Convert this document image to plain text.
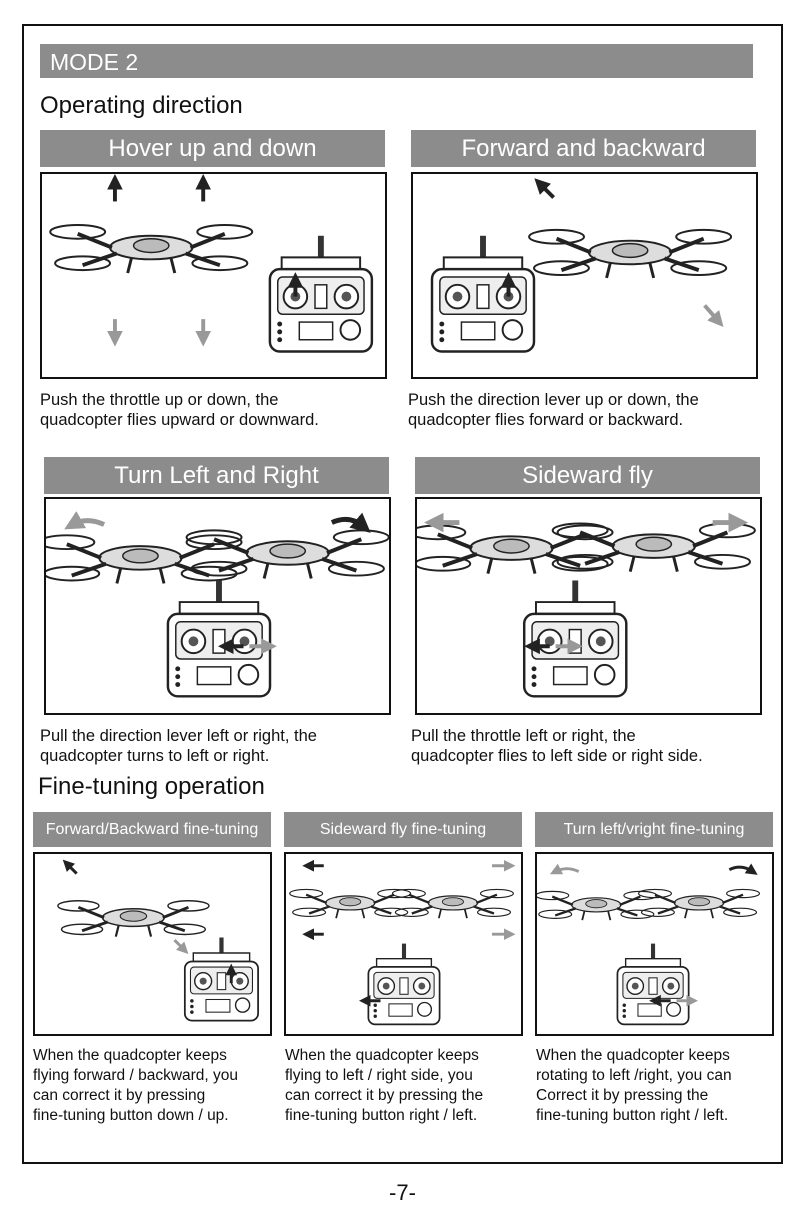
MODE 2
Operating direction
Hover up and down
Push the throttle up or down, the
quadcopter flies upward or downward.
Forward and backward
Push the direction lever up or down, the
quadcopter flies forward or backward.
Turn Left and Right
Pull the direction lever left or right, the
quadcopter turns to left or right.
Sideward fly
Pull the throttle left or right, the
quadcopter flies to left side or right side.
Fine-tuning operation
Forward/Backward fine-tuning
When the quadcopter keeps
flying forward / backward, you
can correct it by pressing
fine-tuning button down / up.
Sideward fly fine-tuning
When the quadcopter keeps
flying to left / right side, you
can correct it by pressing the
fine-tuning button right / left.
Turn left/vright fine-tuning
When the quadcopter keeps
rotating to left /right, you can
Correct it by pressing the
fine-tuning button right / left.
-7-
